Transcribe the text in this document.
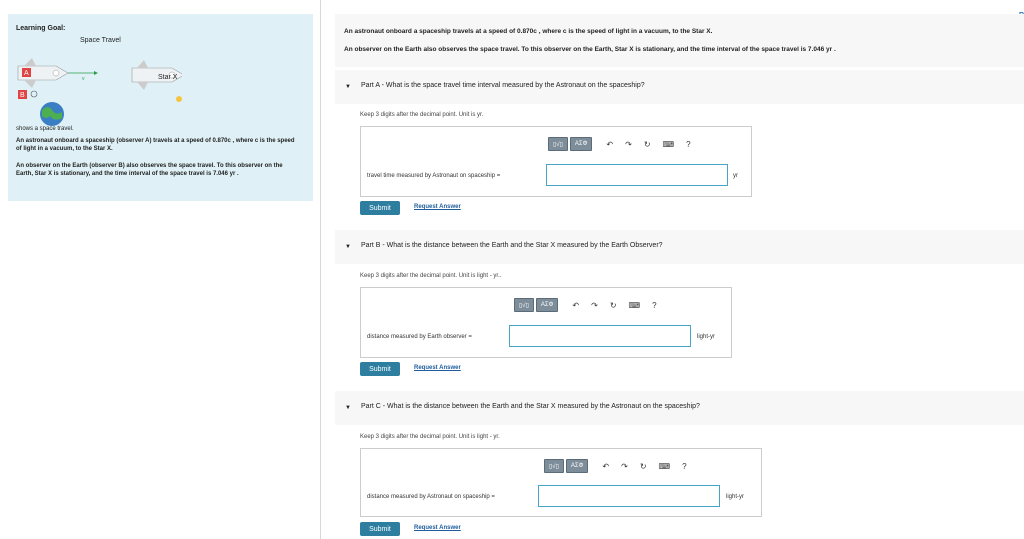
Learning Goal:
Space Travel
A
v
B
Star X
shows a space travel.
An astronaut onboard a spaceship (observer A) travels at a speed of 0.870c , where c is the speed of light in a vacuum, to the Star X.
An observer on the Earth (observer B) also observes the space travel. To this observer on the Earth, Star X is stationary, and the time interval of the space travel is 7.046 yr .
An astronaut onboard a spaceship travels at a speed of 0.870c , where c is the speed of light in a vacuum, to the Star X.
An observer on the Earth also observes the space travel. To this observer on the Earth, Star X is stationary, and the time interval of the space travel is 7.046 yr .
▼ Part A - What is the space travel time interval measured by the Astronaut on the spaceship?
Keep 3 digits after the decimal point. Unit is yr.
▯√▯	ΑΣΦ	↶ ↷ ↻ ⌨ ?
travel time measured by Astronaut on spaceship =	yr
Submit	Request Answer
▼ Part B - What is the distance between the Earth and the Star X measured by the Earth Observer?
Keep 3 digits after the decimal point. Unit is light - yr..
▯√▯	ΑΣΦ	↶ ↷ ↻ ⌨ ?
distance measured by Earth observer =	light-yr
Submit	Request Answer
▼ Part C - What is the distance between the Earth and the Star X measured by the Astronaut on the spaceship?
Keep 3 digits after the decimal point. Unit is light - yr.
▯√▯	ΑΣΦ	↶ ↷ ↻ ⌨ ?
distance measured by Astronaut on spaceship =	light-yr
Submit	Request Answer
